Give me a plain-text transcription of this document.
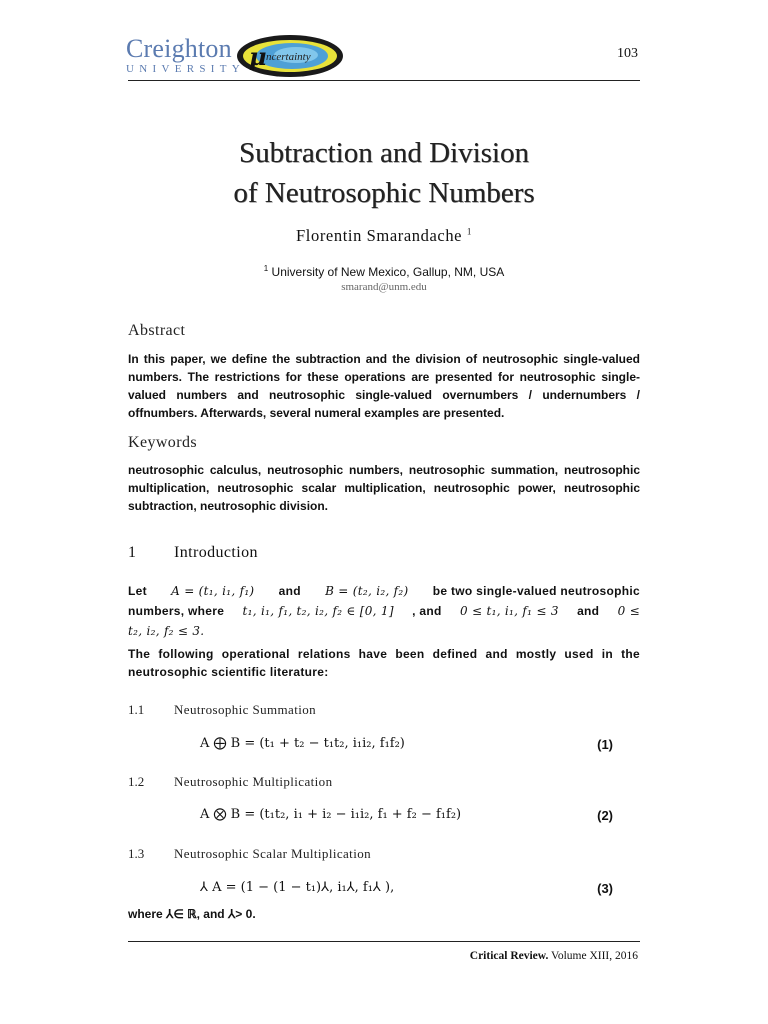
Creighton
UNIVERSITY μ ncertainty	103
Subtraction and Division
of Neutrosophic Numbers
Florentin Smarandache $^1$
$^1$ University of New Mexico, Gallup, NM, USA
smarand@unm.edu
Abstract
In this paper, we define the subtraction and the division of neutrosophic single-valued numbers. The restrictions for these operations are presented for neutrosophic single-valued numbers and neutrosophic single-valued overnumbers / undernumbers / offnumbers. Afterwards, several numeral examples are presented.
Keywords
neutrosophic calculus, neutrosophic numbers, neutrosophic summation, neutrosophic multiplication, neutrosophic scalar multiplication, neutrosophic power, neutrosophic subtraction, neutrosophic division.
1 Introduction
Let A = (t₁, i₁, f₁) and B = (t₂, i₂, f₂) be two single-valued neutrosophic
numbers, where t₁, i₁, f₁, t₂, i₂, f₂ ∈ [0, 1] , and 0 ≤ t₁, i₁, f₁ ≤ 3 and 0 ≤
t₂, i₂, f₂ ≤ 3.
The following operational relations have been defined and mostly used in the neutrosophic scientific literature:
1.1 Neutrosophic Summation
A ⨁ B = (t₁ + t₂ − t₁t₂, i₁i₂, f₁f₂)	(1)
1.2 Neutrosophic Multiplication
A ⨂ B = (t₁t₂, i₁ + i₂ − i₁i₂, f₁ + f₂ − f₁f₂)	(2)
1.3 Neutrosophic Scalar Multiplication
⅄ A = (1 − (1 − t₁)⅄, i₁⅄, f₁⅄ ),	(3)
where ⅄∈ ℝ, and ⅄> 0.
Critical Review. Volume XIII, 2016
